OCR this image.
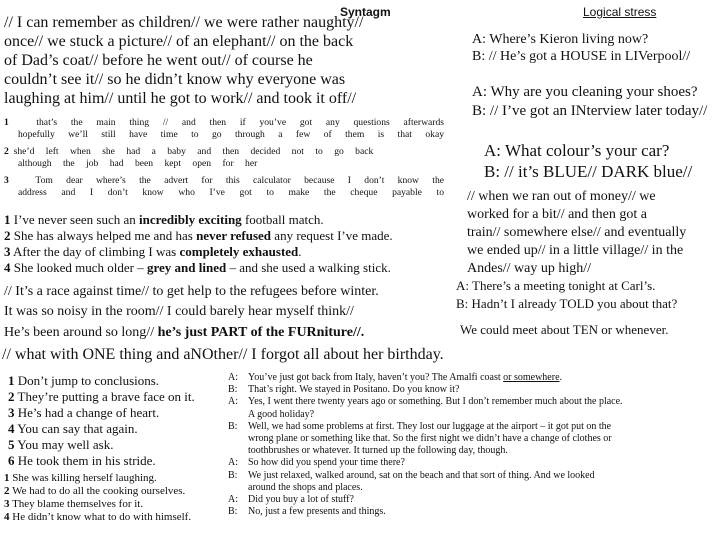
Syntagm	Logical stress
// I can remember as children// we were rather naughty//
once// we stuck a picture// of an elephant// on the back
of Dad’s coat// before he went out// of course he
couldn’t see it// so he didn’t know why everyone was
laughing at him// until he got to work// and took it off//
1	that’s the main thing // and then if you’ve got any questions afterwards
hopefully we’ll still have time to go through a few of them is that okay
2 she’d left when she had a baby and then decided not to go back
although the job had been kept open for her
3	Tom dear where’s the advert for this calculator because I don’t know the
address and I don’t know who I’ve got to make the cheque payable to
1 I’ve never seen such an incredibly exciting football match.
2 She has always helped me and has never refused any request I’ve made.
3 After the day of climbing I was completely exhausted.
4 She looked much older – grey and lined – and she used a walking stick.
// It’s a race against time// to get help to the refugees before winter.
It was so noisy in the room// I could barely hear myself think//
He’s been around so long// he’s just PART of the FURniture//.
// what with ONE thing and aNOther// I forgot all about her birthday.
1 Don’t jump to conclusions.
2 They’re putting a brave face on it.
3 He’s had a change of heart.
4 You can say that again.
5 You may well ask.
6 He took them in his stride.
1 She was killing herself laughing.
2 We had to do all the cooking ourselves.
3 They blame themselves for it.
4 He didn’t know what to do with himself.
A: Where’s Kieron living now?
B: // He’s got a HOUSE in LIVerpool//
A: Why are you cleaning your shoes?
B: // I’ve got an INterview later today//
A: What colour’s your car?
B: // it’s BLUE// DARK blue//
// when we ran out of money// we
worked for a bit// and then got a
train// somewhere else// and eventually
we ended up// in a little village// in the
Andes// way up high//
A: There’s a meeting tonight at Carl’s.
B: Hadn’t I already TOLD you about that?
We could meet about TEN or whenever.
A:	You’ve just got back from Italy, haven’t you? The Amalfi coast or somewhere.
B:	That’s right. We stayed in Positano. Do you know it?
A:	Yes, I went there twenty years ago or something. But I don’t remember much about the place.
A good holiday?
B:	Well, we had some problems at first. They lost our luggage at the airport – it got put on the
wrong plane or something like that. So the first night we didn’t have a change of clothes or
toothbrushes or whatever. It turned up the following day, though.
A:	So how did you spend your time there?
B:	We just relaxed, walked around, sat on the beach and that sort of thing. And we looked
around the shops and places.
A:	Did you buy a lot of stuff?
B:	No, just a few presents and things.
